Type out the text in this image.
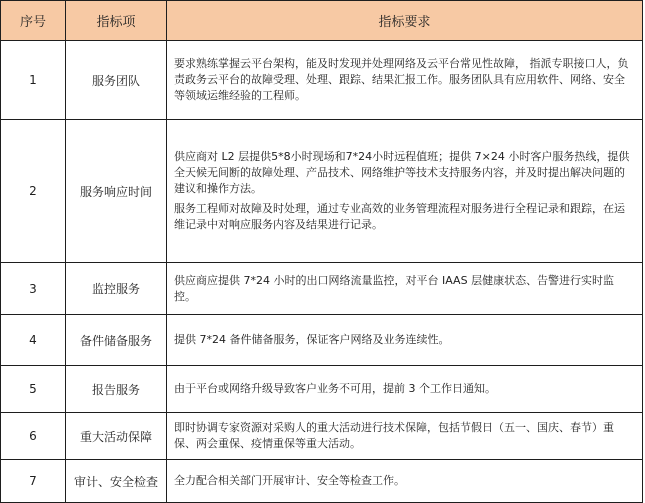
序号	指标项	指标要求
1	服务团队	要求熟练掌握云平台架构，能及时发现并处理网络及云平台常见性故障， 指派专职接口人，负责政务云平台的故障受理、处理、跟踪、结果汇报工作。服务团队具有应用软件、网络、安全等领域运维经验的工程师。

2	服务响应时间	供应商对 L2 层提供5*8小时现场和7*24小时远程值班；提供 7×24 小时客户服务热线，提供全天候无间断的故障处理、产品技术、网络维护等技术支持服务内容，并及时提出解决问题的建议和操作方法。

服务工程师对故障及时处理，通过专业高效的业务管理流程对服务进行全程记录和跟踪，在运维记录中对响应服务内容及结果进行记录。

3	监控服务	供应商应提供 7*24 小时的出口网络流量监控，对平台 IAAS 层健康状态、告警进行实时监控。

4	备件储备服务	提供 7*24 备件储备服务，保证客户网络及业务连续性。

5	报告服务	由于平台或网络升级导致客户业务不可用，提前 3 个工作日通知。

6	重大活动保障	即时协调专家资源对采购人的重大活动进行技术保障，包括节假日（五一、国庆、春节）重保、两会重保、疫情重保等重大活动。

7	审计、安全检查	全力配合相关部门开展审计、安全等检查工作。
